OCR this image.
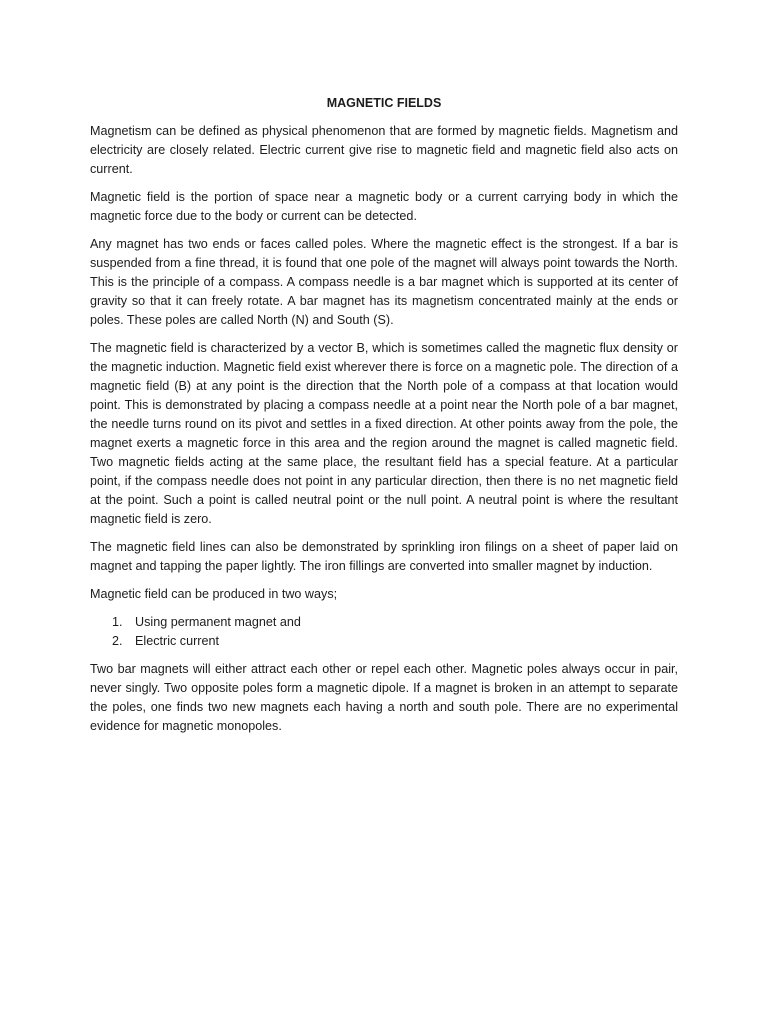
MAGNETIC FIELDS

Magnetism can be defined as physical phenomenon that are formed by magnetic fields. Magnetism and electricity are closely related. Electric current give rise to magnetic field and magnetic field also acts on current.

Magnetic field is the portion of space near a magnetic body or a current carrying body in which the magnetic force due to the body or current can be detected.

Any magnet has two ends or faces called poles. Where the magnetic effect is the strongest. If a bar is suspended from a fine thread, it is found that one pole of the magnet will always point towards the North. This is the principle of a compass. A compass needle is a bar magnet which is supported at its center of gravity so that it can freely rotate. A bar magnet has its magnetism concentrated mainly at the ends or poles. These poles are called North (N) and South (S).

The magnetic field is characterized by a vector B, which is sometimes called the magnetic flux density or the magnetic induction. Magnetic field exist wherever there is force on a magnetic pole. The direction of a magnetic field (B) at any point is the direction that the North pole of a compass at that location would point. This is demonstrated by placing a compass needle at a point near the North pole of a bar magnet, the needle turns round on its pivot and settles in a fixed direction. At other points away from the pole, the magnet exerts a magnetic force in this area and the region around the magnet is called magnetic field. Two magnetic fields acting at the same place, the resultant field has a special feature. At a particular point, if the compass needle does not point in any particular direction, then there is no net magnetic field at the point. Such a point is called neutral point or the null point. A neutral point is where the resultant magnetic field is zero.

The magnetic field lines can also be demonstrated by sprinkling iron filings on a sheet of paper laid on magnet and tapping the paper lightly. The iron fillings are converted into smaller magnet by induction.

Magnetic field can be produced in two ways;

1. Using permanent magnet and
2. Electric current

Two bar magnets will either attract each other or repel each other. Magnetic poles always occur in pair, never singly. Two opposite poles form a magnetic dipole. If a magnet is broken in an attempt to separate the poles, one finds two new magnets each having a north and south pole. There are no experimental evidence for magnetic monopoles.
